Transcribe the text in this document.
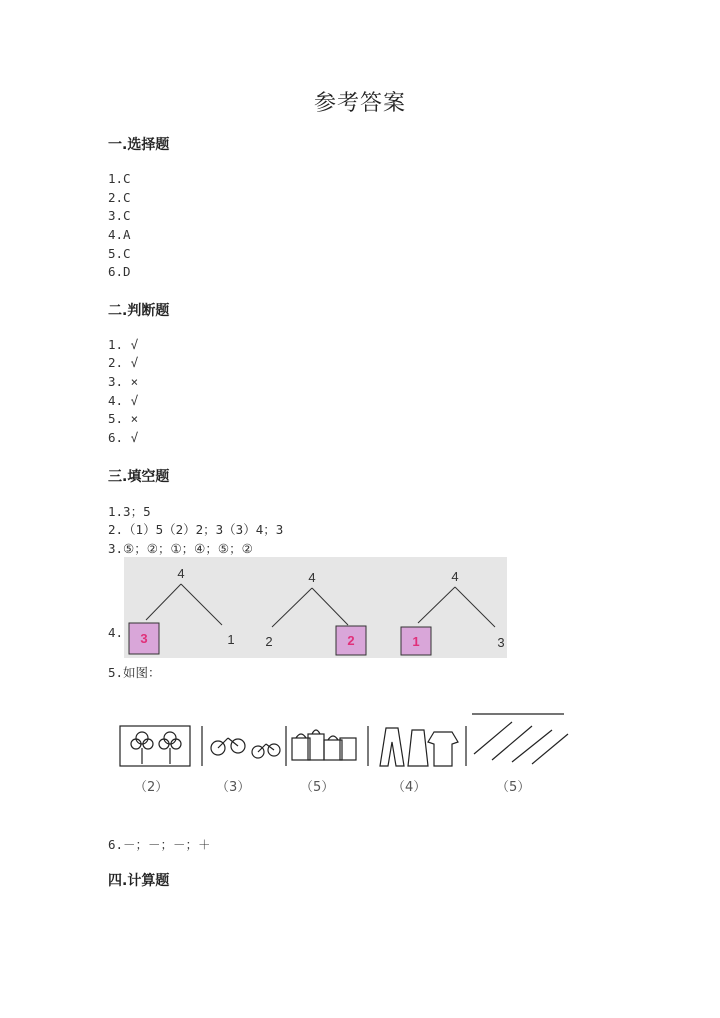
参考答案
一.选择题
1.C
2.C
3.C
4.A
5.C
6.D
二.判断题
1. √
2. √
3. ×
4. √
5. ×
6. √
三.填空题
1.3；5
2.（1）5（2）2；3（3）4；3
3.⑤；②；①；④；⑤；②
4.
4
3	1
4
2	2
4
1	3
5.如图：
（2）	（3）	（5）	（4）	（5）
6.－；－；－；＋
四.计算题
